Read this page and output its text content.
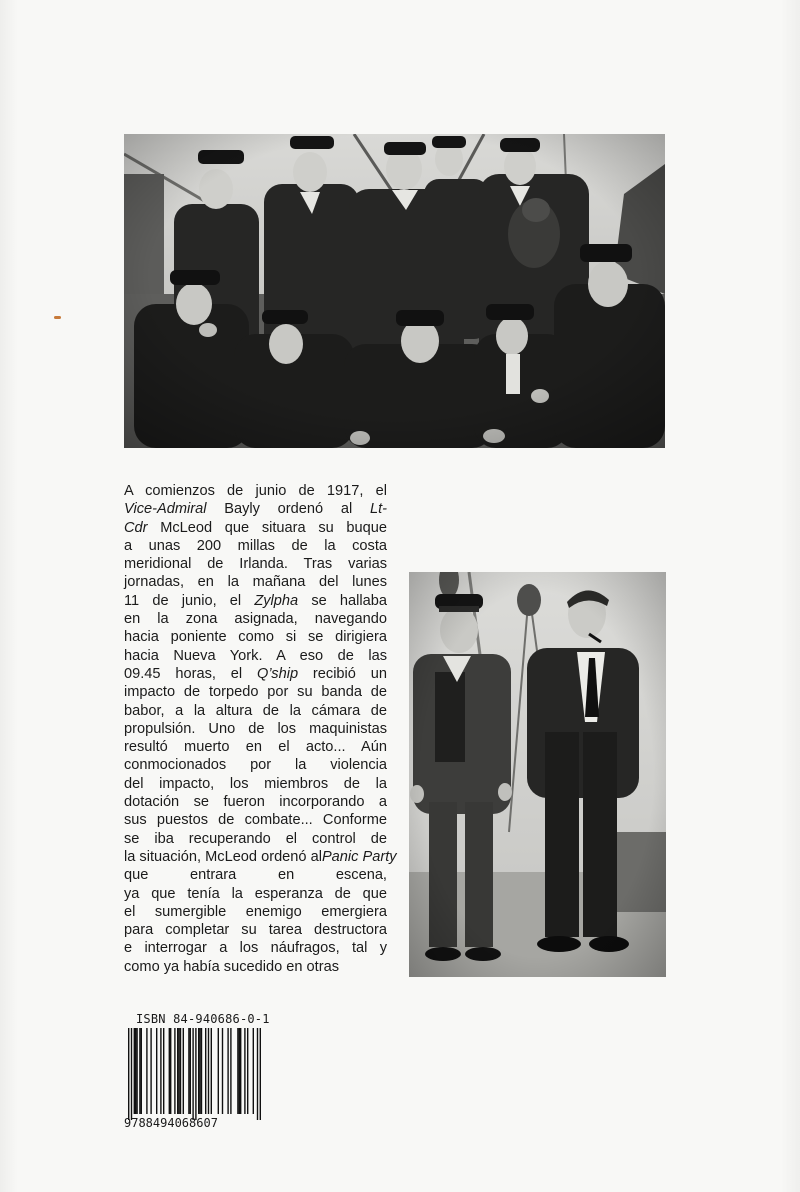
A comienzos de junio de 1917, el
Vice-Admiral Bayly ordenó al Lt-
Cdr McLeod que situara su buque
a unas 200 millas de la costa
meridional de Irlanda. Tras varias
jornadas, en la mañana del lunes
11 de junio, el Zylpha se hallaba
en la zona asignada, navegando
hacia poniente como si se dirigiera
hacia Nueva York. A eso de las
09.45 horas, el Q’ship recibió un
impacto de torpedo por su banda de
babor, a la altura de la cámara de
propulsión. Uno de los maquinistas
resultó muerto en el acto... Aún
conmocionados por la violencia
del impacto, los miembros de la
dotación se fueron incorporando a
sus puestos de combate... Conforme
se iba recuperando el control de
la situación, McLeod ordenó alPanic Party
que entrara en escena,
ya que tenía la esperanza de que
el sumergible enemigo emergiera
para completar su tarea destructora
e interrogar a los náufragos, tal y
como ya había sucedido en otras

ISBN 84-940686-0-1
9788494068607
